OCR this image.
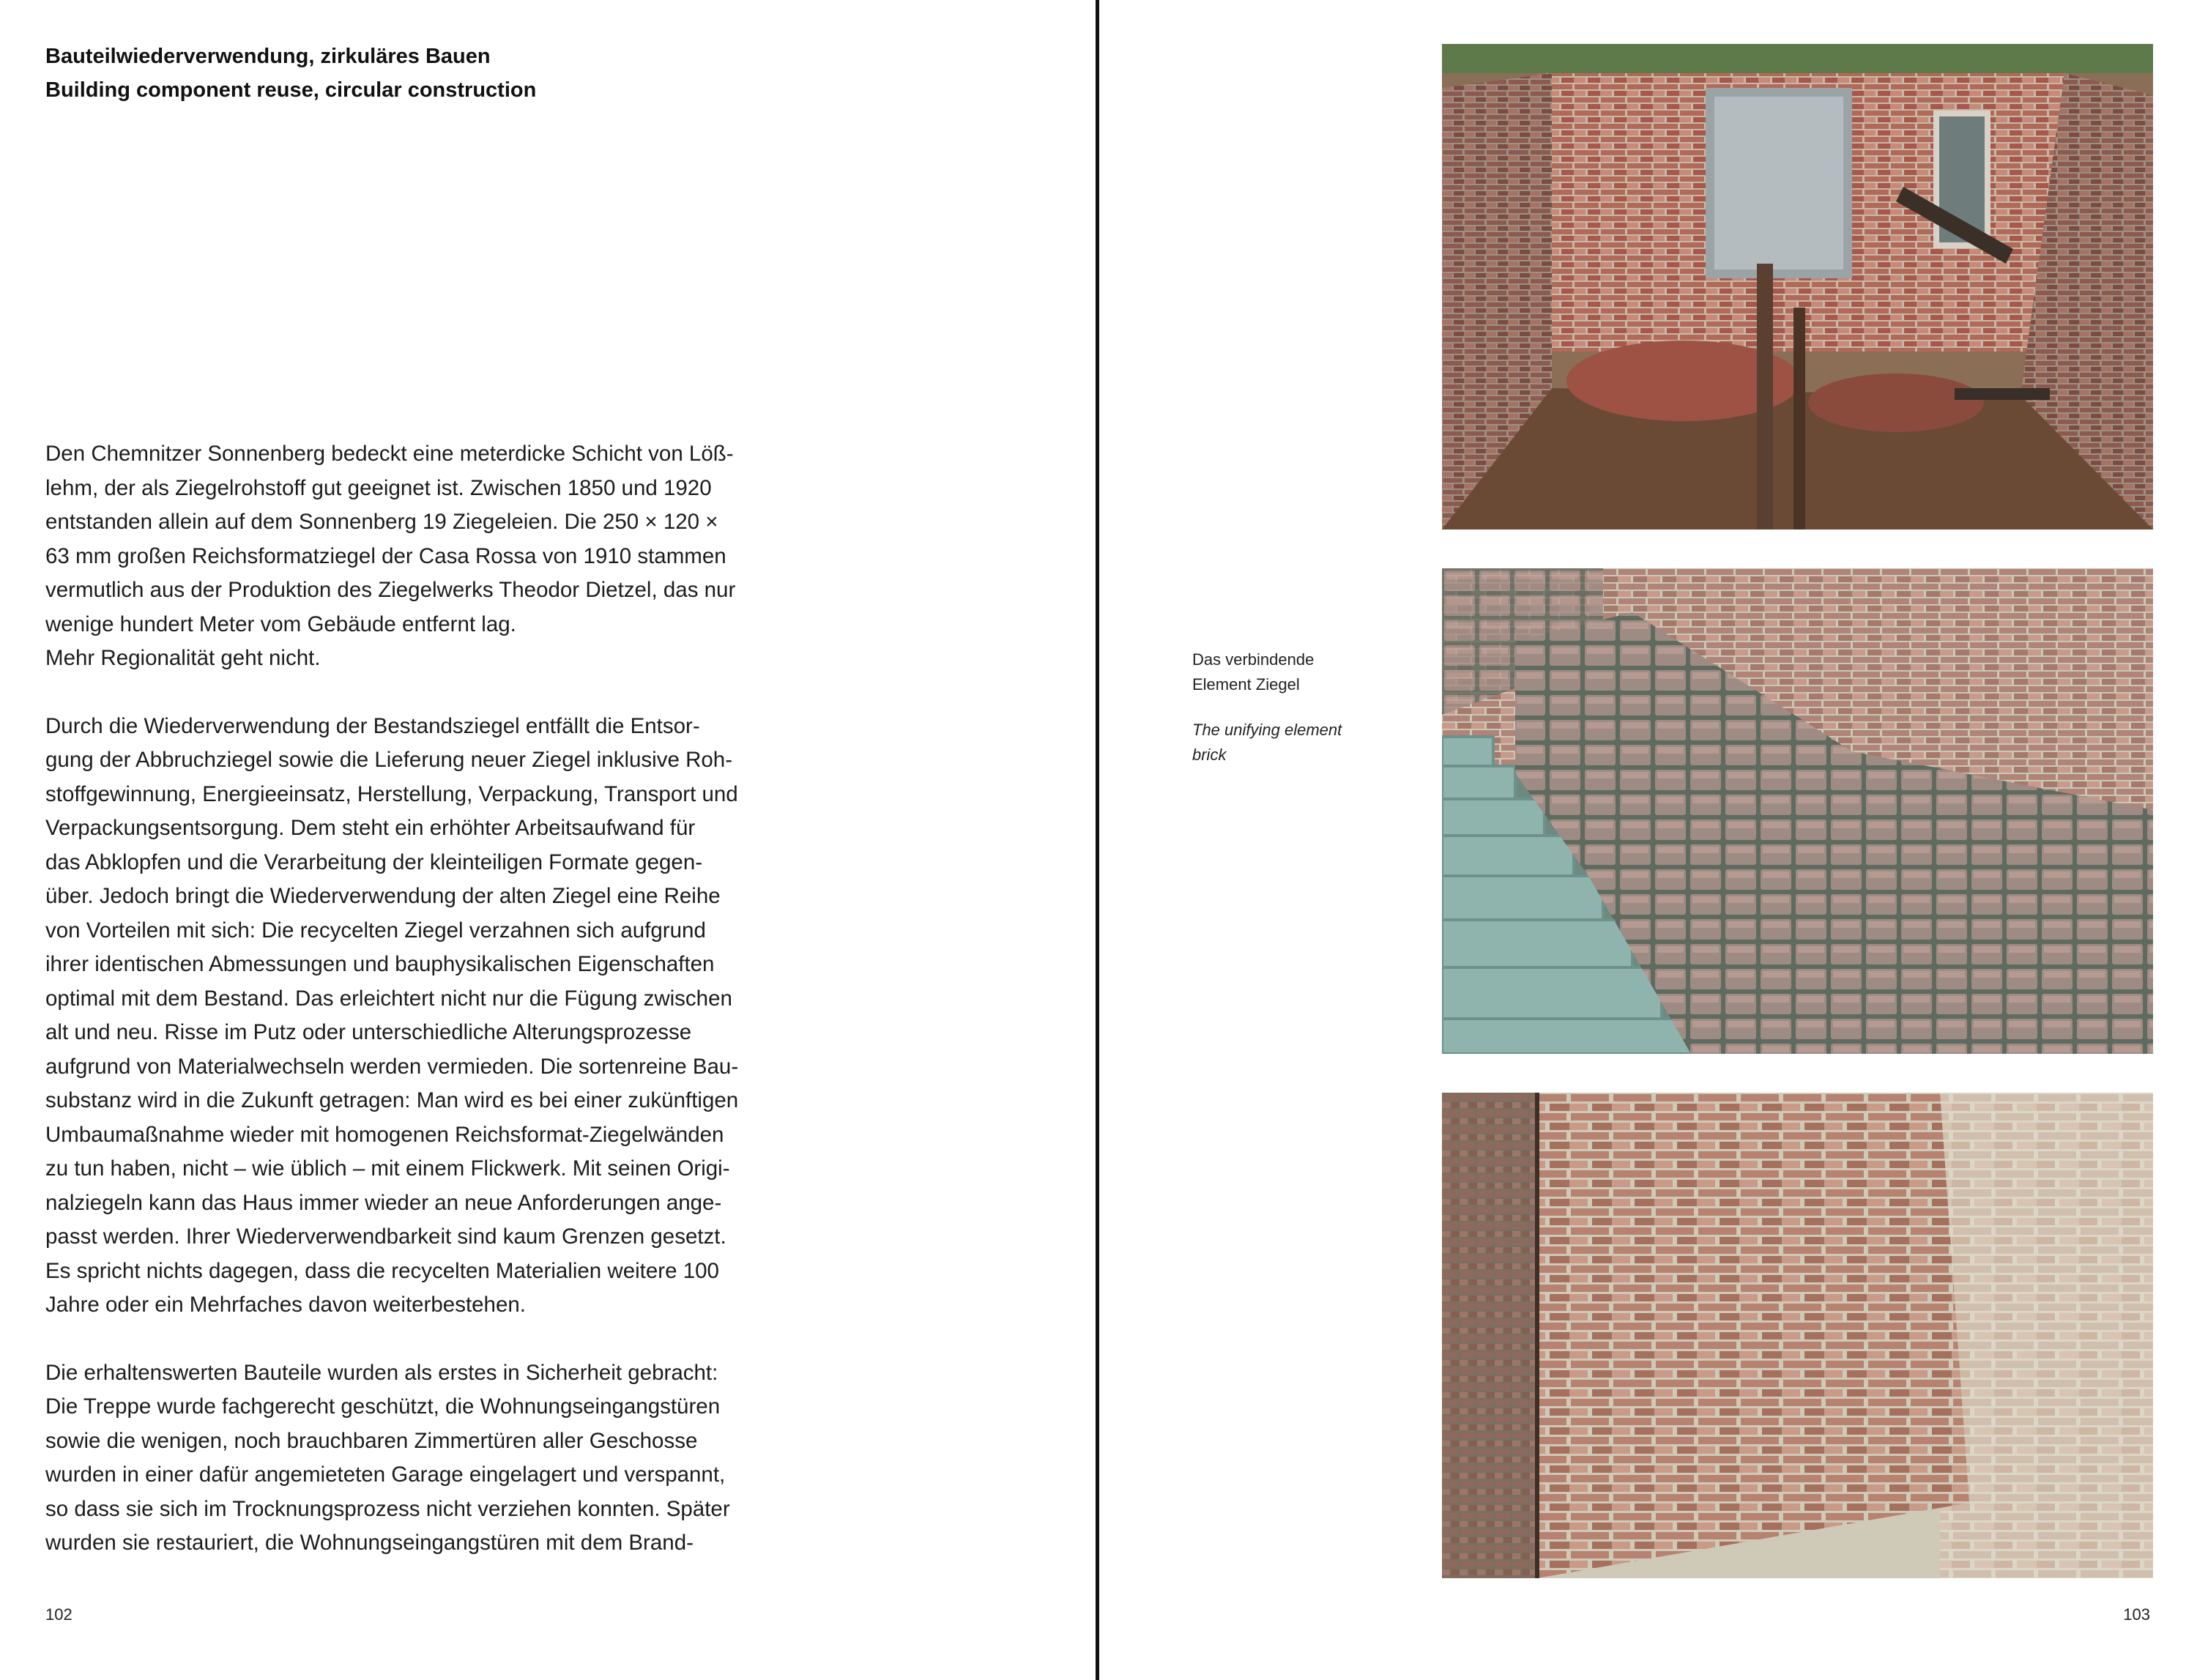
Bauteilwiederverwendung, zirkuläres Bauen
Building component reuse, circular construction
Den Chemnitzer Sonnenberg bedeckt eine meterdicke Schicht von Löß-
lehm, der als Ziegelrohstoff gut geeignet ist. Zwischen 1850 und 1920
entstanden allein auf dem Sonnenberg 19 Ziegeleien. Die 250 × 120 ×
63 mm großen Reichsformatziegel der Casa Rossa von 1910 stammen
vermutlich aus der Produktion des Ziegelwerks Theodor Dietzel, das nur
wenige hundert Meter vom Gebäude entfernt lag.
Mehr Regionalität geht nicht.
Durch die Wiederverwendung der Bestandsziegel entfällt die Entsor-
gung der Abbruchziegel sowie die Lieferung neuer Ziegel inklusive Roh-
stoffgewinnung, Energieeinsatz, Herstellung, Verpackung, Transport und
Verpackungsentsorgung. Dem steht ein erhöhter Arbeitsaufwand für
das Abklopfen und die Verarbeitung der kleinteiligen Formate gegen-
über. Jedoch bringt die Wiederverwendung der alten Ziegel eine Reihe
von Vorteilen mit sich: Die recycelten Ziegel verzahnen sich aufgrund
ihrer identischen Abmessungen und bauphysikalischen Eigenschaften
optimal mit dem Bestand. Das erleichtert nicht nur die Fügung zwischen
alt und neu. Risse im Putz oder unterschiedliche Alterungsprozesse
aufgrund von Materialwechseln werden vermieden. Die sortenreine Bau-
substanz wird in die Zukunft getragen: Man wird es bei einer zukünftigen
Umbaumaßnahme wieder mit homogenen Reichsformat-Ziegelwänden
zu tun haben, nicht – wie üblich – mit einem Flickwerk. Mit seinen Origi-
nalziegeln kann das Haus immer wieder an neue Anforderungen ange-
passt werden. Ihrer Wiederverwendbarkeit sind kaum Grenzen gesetzt.
Es spricht nichts dagegen, dass die recycelten Materialien weitere 100
Jahre oder ein Mehrfaches davon weiterbestehen.
Die erhaltenswerten Bauteile wurden als erstes in Sicherheit gebracht:
Die Treppe wurde fachgerecht geschützt, die Wohnungseingangstüren
sowie die wenigen, noch brauchbaren Zimmertüren aller Geschosse
wurden in einer dafür angemieteten Garage eingelagert und verspannt,
so dass sie sich im Trocknungsprozess nicht verziehen konnten. Später
wurden sie restauriert, die Wohnungseingangstüren mit dem Brand-
102
Das verbindende
Element Ziegel
The unifying element
brick
103
